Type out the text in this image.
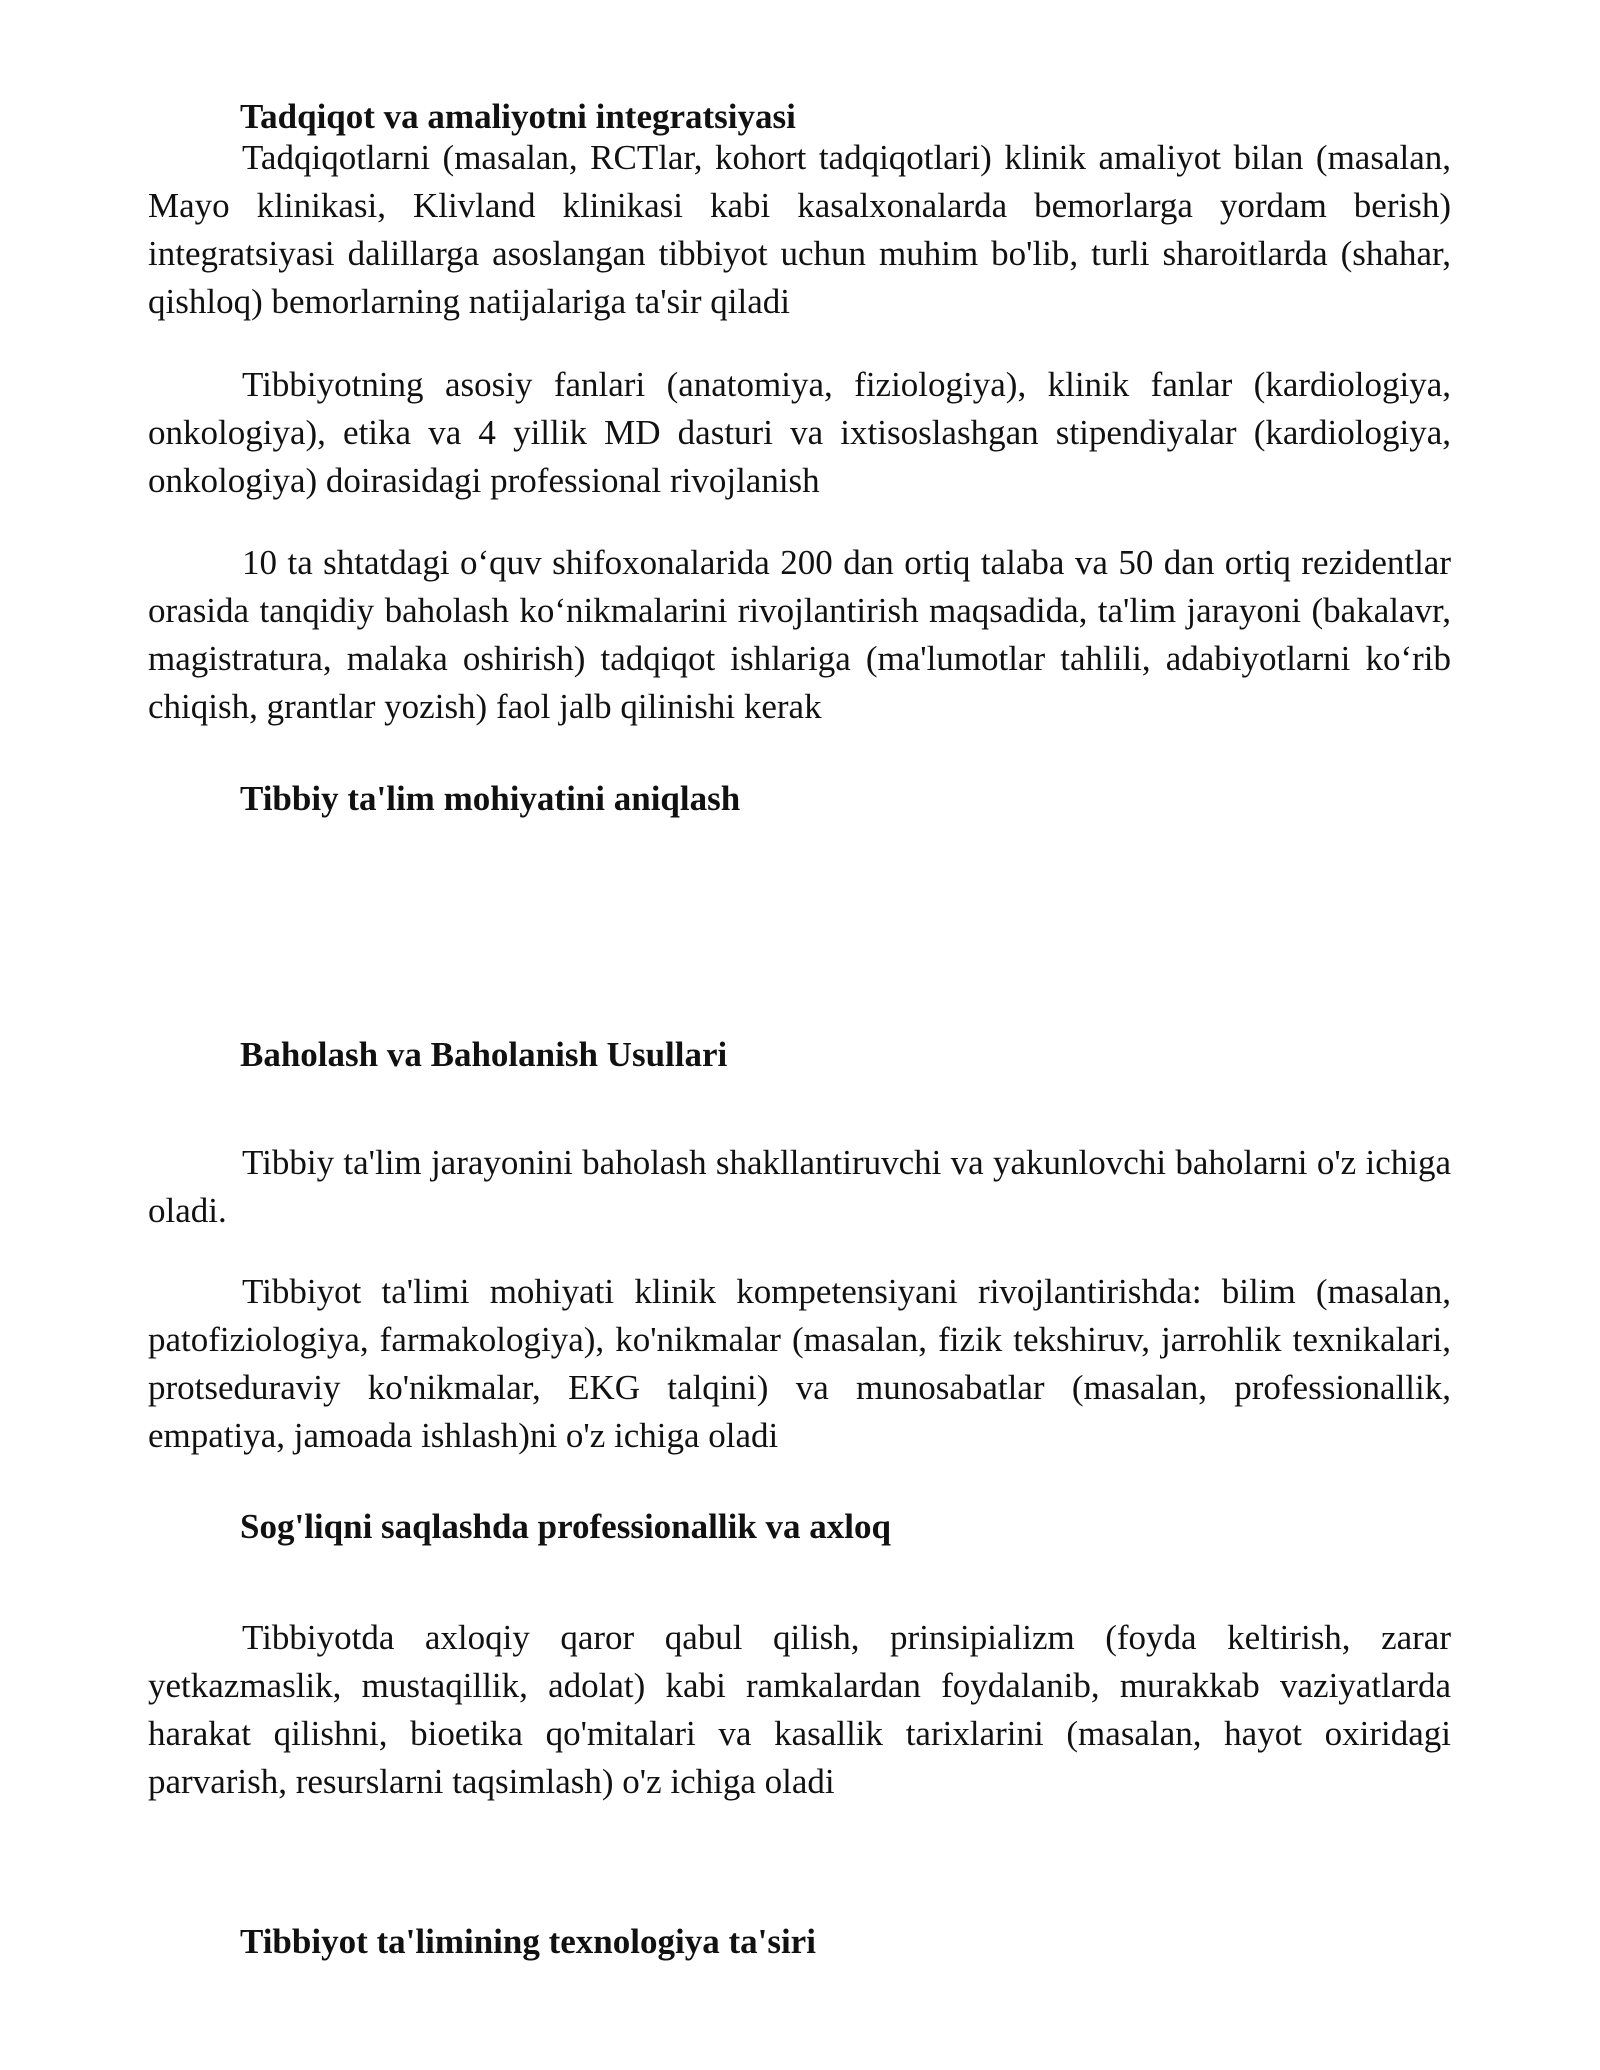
Tadqiqot va amaliyotni integratsiyasi

Tadqiqotlarni (masalan, RCTlar, kohort tadqiqotlari) klinik amaliyot bilan (masalan, Mayo klinikasi, Klivland klinikasi kabi kasalxonalarda bemorlarga yordam berish) integratsiyasi dalillarga asoslangan tibbiyot uchun muhim bo'lib, turli sharoitlarda (shahar, qishloq) bemorlarning natijalariga ta'sir qiladi

Tibbiyotning asosiy fanlari (anatomiya, fiziologiya), klinik fanlar (kardiologiya, onkologiya), etika va 4 yillik MD dasturi va ixtisoslashgan stipendiyalar (kardiologiya, onkologiya) doirasidagi professional rivojlanish

10 ta shtatdagi o‘quv shifoxonalarida 200 dan ortiq talaba va 50 dan ortiq rezidentlar orasida tanqidiy baholash ko‘nikmalarini rivojlantirish maqsadida, ta'lim jarayoni (bakalavr, magistratura, malaka oshirish) tadqiqot ishlariga (ma'lumotlar tahlili, adabiyotlarni ko‘rib chiqish, grantlar yozish) faol jalb qilinishi kerak

Tibbiy ta'lim mohiyatini aniqlash
Baholash va Baholanish Usullari

Tibbiy ta'lim jarayonini baholash shakllantiruvchi va yakunlovchi baholarni o'z ichiga oladi.

Tibbiyot ta'limi mohiyati klinik kompetensiyani rivojlantirishda: bilim (masalan, patofiziologiya, farmakologiya), ko'nikmalar (masalan, fizik tekshiruv, jarrohlik texnikalari, protseduraviy ko'nikmalar, EKG talqini) va munosabatlar (masalan, professionallik, empatiya, jamoada ishlash)ni o'z ichiga oladi

Sog'liqni saqlashda professionallik va axloq

Tibbiyotda axloqiy qaror qabul qilish, prinsipializm (foyda keltirish, zarar yetkazmaslik, mustaqillik, adolat) kabi ramkalardan foydalanib, murakkab vaziyatlarda harakat qilishni, bioetika qo'mitalari va kasallik tarixlarini (masalan, hayot oxiridagi parvarish, resurslarni taqsimlash) o'z ichiga oladi

Tibbiyot ta'limining texnologiya ta'siri
